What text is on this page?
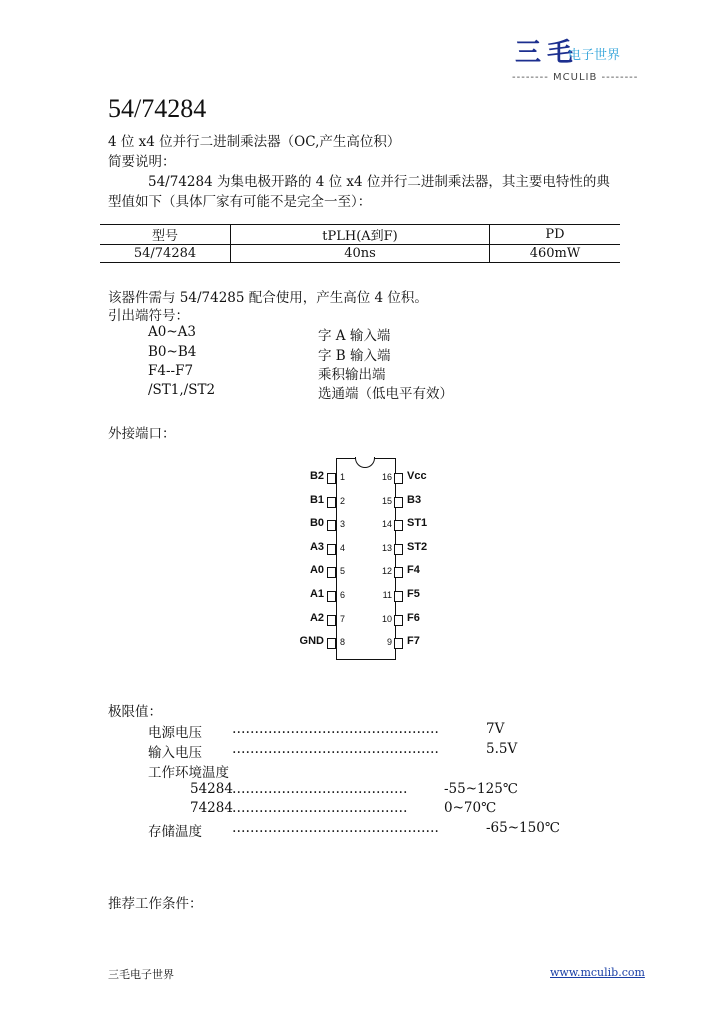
三毛
电子世界
-------- MCULIB --------
54/74284
4 位 x4 位并行二进制乘法器（OC,产生高位积）
简要说明：
54/74284 为集电极开路的 4 位 x4 位并行二进制乘法器，其主要电特性的典
型值如下（具体厂家有可能不是完全一至）：
型号	tPLH(A到F)	PD
54/74284	40ns	460mW
该器件需与 54/74285 配合使用，产生高位 4 位积。
引出端符号：
A0~A3	字 A 输入端
B0~B4	字 B 输入端
F4--F7	乘积输出端
/ST1,/ST2	选通端（低电平有效）
外接端口：
B2 1
B1 2
B0 3
A3 4
A0 5
A1 6
A2 7
GND 8
Vcc
16
B3
15
ST1
14
ST2
13
F4
12
F5
11
F6
10
F7
9
极限值：
电源电压 ……………………………………….	7V
输入电压 ……………………………………….	5.5V
工作环境温度
54284 …………………………………	-55~125℃
74284 …………………………………	0~70℃
存储温度 ……………………………………….	-65~150℃
推荐工作条件：
三毛电子世界	www.mculib.com
